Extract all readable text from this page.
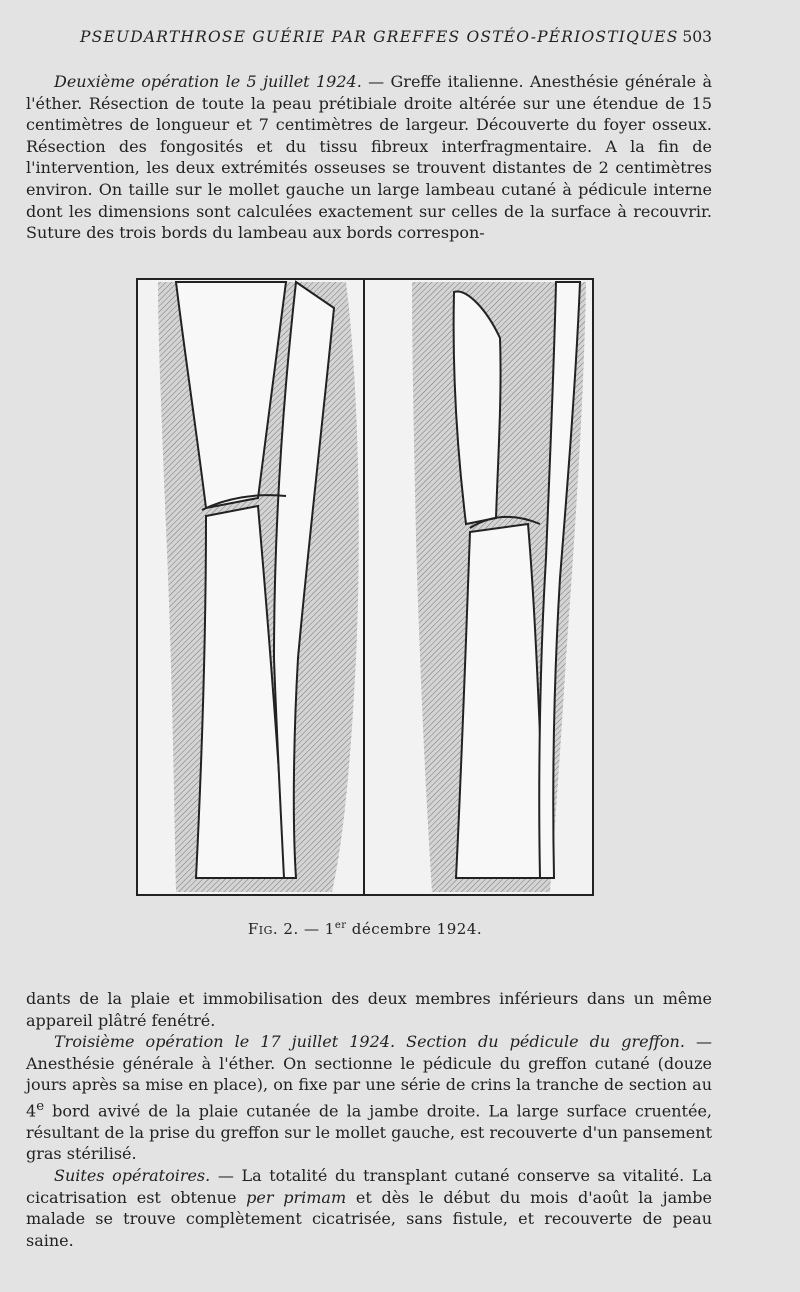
PSEUDARTHROSE GUÉRIE PAR GREFFES OSTÉO-PÉRIOSTIQUES 503

Deuxième opération le 5 juillet 1924. — Greffe italienne. Anesthésie générale à l'éther. Résection de toute la peau prétibiale droite altérée sur une étendue de 15 centimètres de longueur et 7 centimètres de largeur. Découverte du foyer osseux. Résection des fongosités et du tissu fibreux interfragmentaire. A la fin de l'intervention, les deux extrémités osseuses se trouvent distantes de 2 centimètres environ. On taille sur le mollet gauche un large lambeau cutané à pédicule interne dont les dimensions sont calculées exactement sur celles de la surface à recouvrir. Suture des trois bords du lambeau aux bords correspon-

Fig. 2. — 1er décembre 1924.

dants de la plaie et immobilisation des deux membres inférieurs dans un même appareil plâtré fenétré.

Troisième opération le 17 juillet 1924. Section du pédicule du greffon. — Anesthésie générale à l'éther. On sectionne le pédicule du greffon cutané (douze jours après sa mise en place), on fixe par une série de crins la tranche de section au 4e bord avivé de la plaie cutanée de la jambe droite. La large surface cruentée, résultant de la prise du greffon sur le mollet gauche, est recouverte d'un pansement gras stérilisé.

Suites opératoires. — La totalité du transplant cutané conserve sa vitalité. La cicatrisation est obtenue per primam et dès le début du mois d'août la jambe malade se trouve complètement cicatrisée, sans fistule, et recouverte de peau saine.
